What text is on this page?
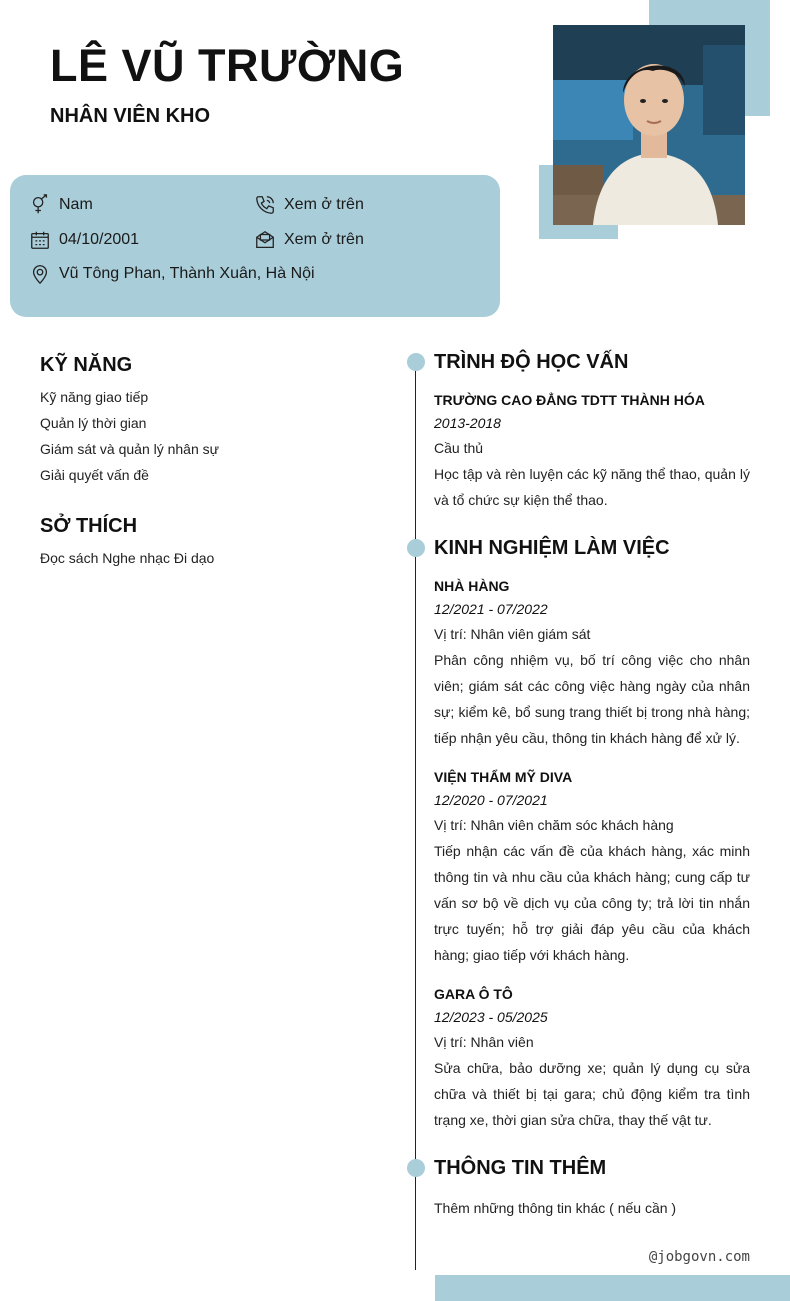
LÊ VŨ TRƯỜNG
NHÂN VIÊN KHO
Nam	Xem ở trên
04/10/2001	Xem ở trên
Vũ Tông Phan, Thành Xuân, Hà Nội
KỸ NĂNG
Kỹ năng giao tiếp
Quản lý thời gian
Giám sát và quản lý nhân sự
Giải quyết vấn đề
SỞ THÍCH
Đọc sách Nghe nhạc Đi dạo
TRÌNH ĐỘ HỌC VẤN
TRƯỜNG CAO ĐẲNG TDTT THÀNH HÓA
2013-2018
Cầu thủ
Học tập và rèn luyện các kỹ năng thể thao, quản lý và tổ chức sự kiện thể thao.
KINH NGHIỆM LÀM VIỆC
NHÀ HÀNG
12/2021 - 07/2022
Vị trí: Nhân viên giám sát
Phân công nhiệm vụ, bố trí công việc cho nhân viên; giám sát các công việc hàng ngày của nhân sự; kiểm kê, bổ sung trang thiết bị trong nhà hàng; tiếp nhận yêu cầu, thông tin khách hàng để xử lý.
VIỆN THẨM MỸ DIVA
12/2020 - 07/2021
Vị trí: Nhân viên chăm sóc khách hàng
Tiếp nhận các vấn đề của khách hàng, xác minh thông tin và nhu cầu của khách hàng; cung cấp tư vấn sơ bộ về dịch vụ của công ty; trả lời tin nhắn trực tuyến; hỗ trợ giải đáp yêu cầu của khách hàng; giao tiếp với khách hàng.
GARA Ô TÔ
12/2023 - 05/2025
Vị trí: Nhân viên
Sửa chữa, bảo dưỡng xe; quản lý dụng cụ sửa chữa và thiết bị tại gara; chủ động kiểm tra tình trạng xe, thời gian sửa chữa, thay thế vật tư.
THÔNG TIN THÊM
Thêm những thông tin khác ( nếu cần )
@jobgovn.com
